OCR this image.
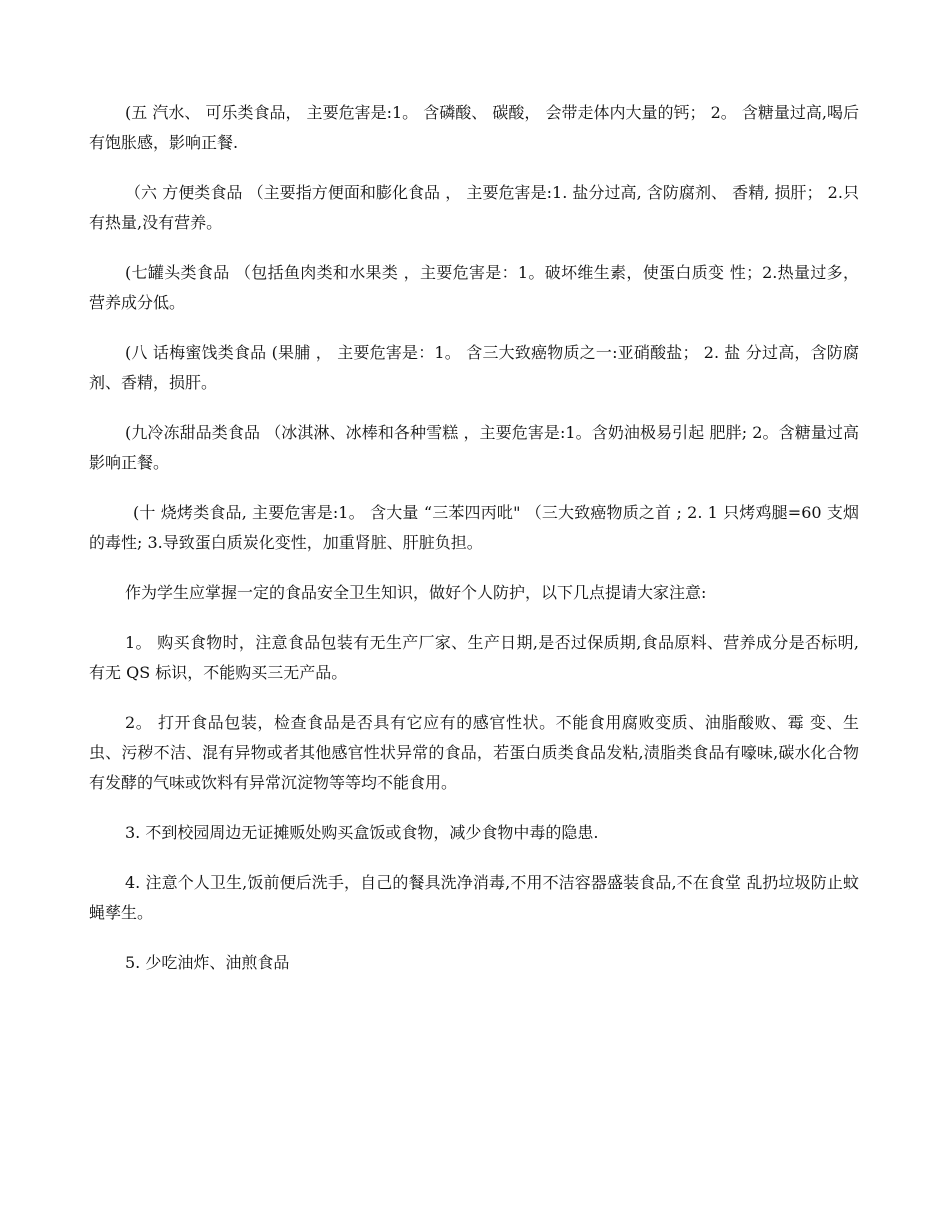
(五 汽水、 可乐类食品， 主要危害是:1。 含磷酸、 碳酸， 会带走体内大量的钙； 2。 含糖量过高,喝后有饱胀感，影响正餐.

（六 方便类食品 （主要指方便面和膨化食品 ， 主要危害是:1. 盐分过高, 含防腐剂、 香精, 损肝； 2.只有热量,没有营养。

(七罐头类食品 （包括鱼肉类和水果类 ，主要危害是：1。破坏维生素，使蛋白质变 性；2.热量过多，营养成分低。

(八 话梅蜜饯类食品 (果脯 ， 主要危害是：1。 含三大致癌物质之一:亚硝酸盐； 2. 盐 分过高，含防腐剂、香精，损肝。

(九冷冻甜品类食品 （冰淇淋、冰棒和各种雪糕 ，主要危害是:1。含奶油极易引起 肥胖; 2。含糖量过高影响正餐。

(十 烧烤类食品, 主要危害是:1。 含大量 “三苯四丙吡" （三大致癌物质之首 ; 2. 1 只烤鸡腿=60 支烟的毒性; 3.导致蛋白质炭化变性，加重肾脏、肝脏负担。

作为学生应掌握一定的食品安全卫生知识，做好个人防护，以下几点提请大家注意:

1。 购买食物时，注意食品包装有无生产厂家、生产日期,是否过保质期,食品原料、营养成分是否标明,有无 QS 标识，不能购买三无产品。

2。 打开食品包装，检查食品是否具有它应有的感官性状。不能食用腐败变质、油脂酸败、霉 变、生虫、污秽不洁、混有异物或者其他感官性状异常的食品，若蛋白质类食品发粘,渍脂类食品有嚎味,碳水化合物有发酵的气味或饮料有异常沉淀物等等均不能食用。

3. 不到校园周边无证摊贩处购买盒饭或食物，减少食物中毒的隐患.

4. 注意个人卫生,饭前便后洗手，自己的餐具洗净消毒,不用不洁容器盛装食品,不在食堂 乱扔垃圾防止蚊蝇孳生。

5. 少吃油炸、油煎食品
